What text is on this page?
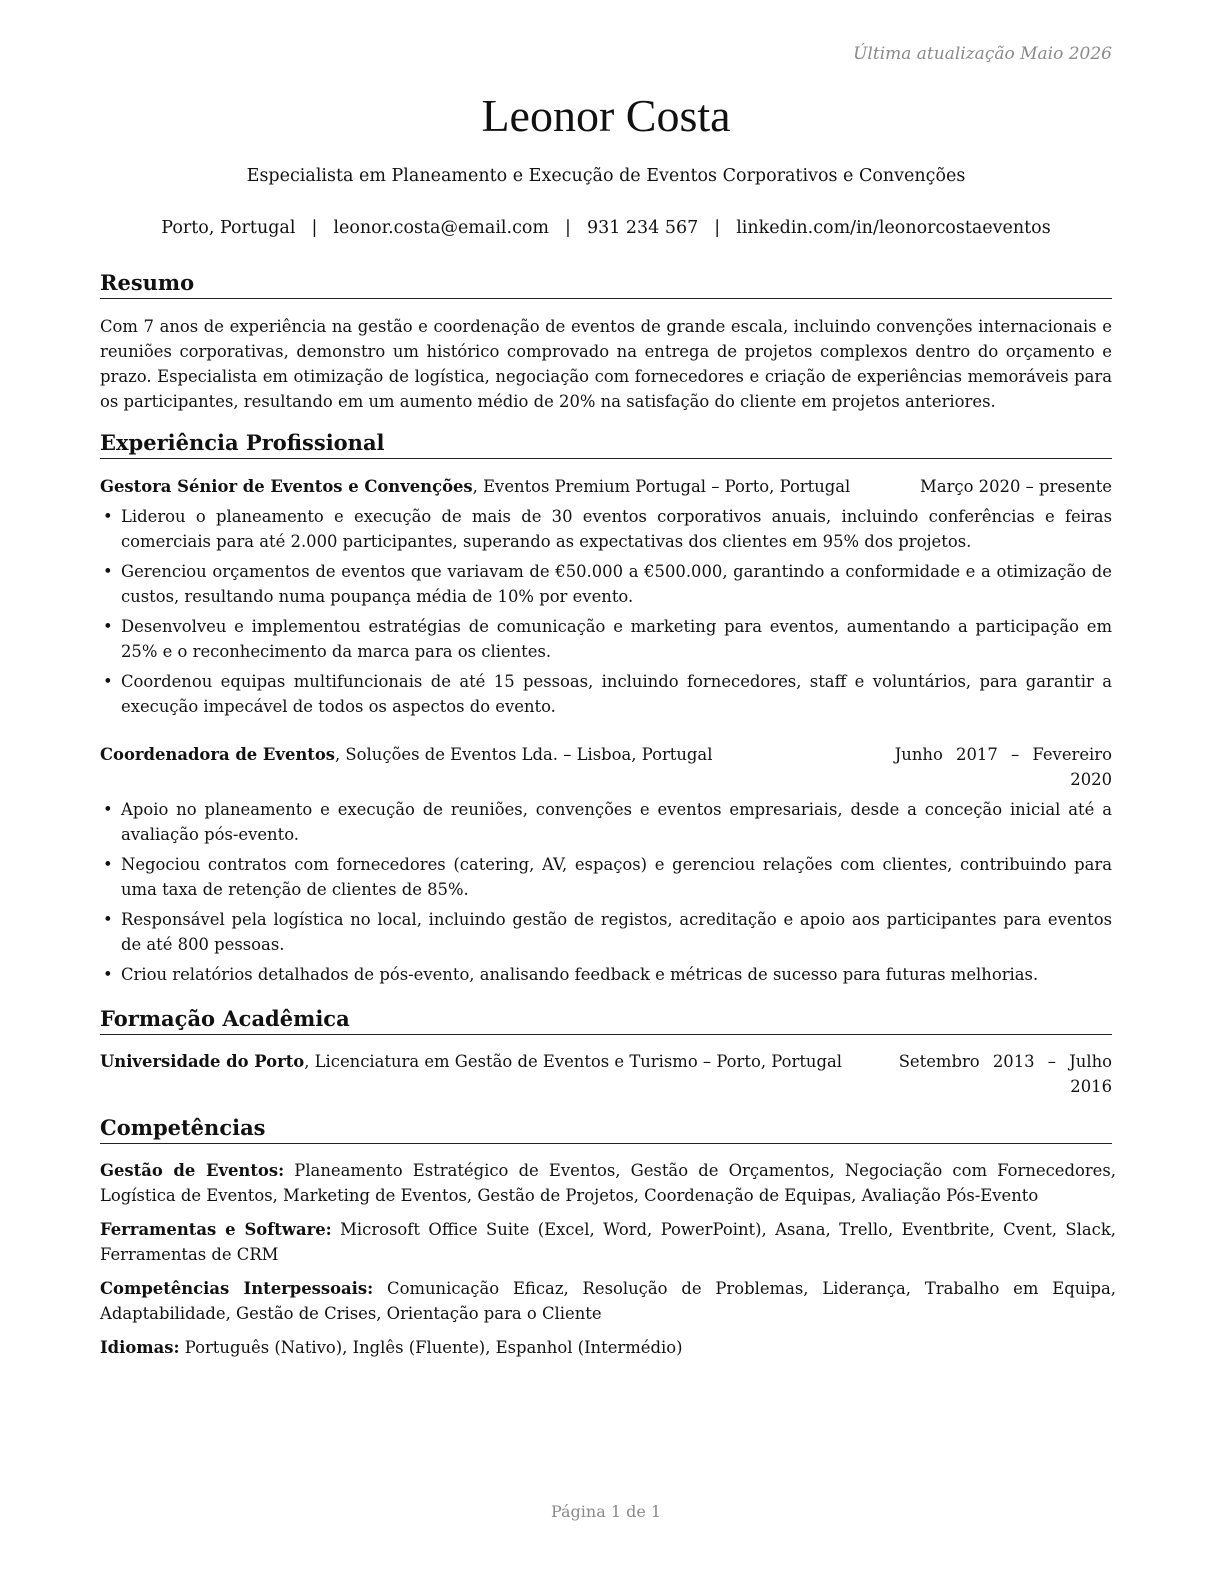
Última atualização Maio 2026
Leonor Costa
Especialista em Planeamento e Execução de Eventos Corporativos e Convenções
Porto, Portugal | leonor.costa@email.com | 931 234 567 | linkedin.com/in/leonorcostaeventos
Resumo
Com 7 anos de experiência na gestão e coordenação de eventos de grande escala, incluindo convenções internacionais e reuniões corporativas, demonstro um histórico comprovado na entrega de projetos complexos dentro do orçamento e prazo. Especialista em otimização de logística, negociação com fornecedores e criação de experiências memoráveis para os participantes, resultando em um aumento médio de 20% na satisfação do cliente em projetos anteriores.
Experiência Profissional
Gestora Sénior de Eventos e Convenções, Eventos Premium Portugal – Porto, Portugal	Março 2020 – presente
• Liderou o planeamento e execução de mais de 30 eventos corporativos anuais, incluindo conferências e feiras comerciais para até 2.000 participantes, superando as expectativas dos clientes em 95% dos projetos.
• Gerenciou orçamentos de eventos que variavam de €50.000 a €500.000, garantindo a conformidade e a otimização de custos, resultando numa poupança média de 10% por evento.
• Desenvolveu e implementou estratégias de comunicação e marketing para eventos, aumentando a participação em 25% e o reconhecimento da marca para os clientes.
• Coordenou equipas multifuncionais de até 15 pessoas, incluindo fornecedores, staff e voluntários, para garantir a execução impecável de todos os aspectos do evento.
Coordenadora de Eventos, Soluções de Eventos Lda. – Lisboa, Portugal	Junho 2017 – Fevereiro
2020
• Apoio no planeamento e execução de reuniões, convenções e eventos empresariais, desde a conceção inicial até a avaliação pós-evento.
• Negociou contratos com fornecedores (catering, AV, espaços) e gerenciou relações com clientes, contribuindo para uma taxa de retenção de clientes de 85%.
• Responsável pela logística no local, incluindo gestão de registos, acreditação e apoio aos participantes para eventos de até 800 pessoas.
• Criou relatórios detalhados de pós-evento, analisando feedback e métricas de sucesso para futuras melhorias.
Formação Acadêmica
Universidade do Porto, Licenciatura em Gestão de Eventos e Turismo – Porto, Portugal	Setembro 2013 – Julho
2016
Competências
Gestão de Eventos: Planeamento Estratégico de Eventos, Gestão de Orçamentos, Negociação com Fornecedores, Logística de Eventos, Marketing de Eventos, Gestão de Projetos, Coordenação de Equipas, Avaliação Pós-Evento
Ferramentas e Software: Microsoft Office Suite (Excel, Word, PowerPoint), Asana, Trello, Eventbrite, Cvent, Slack, Ferramentas de CRM
Competências Interpessoais: Comunicação Eficaz, Resolução de Problemas, Liderança, Trabalho em Equipa, Adaptabilidade, Gestão de Crises, Orientação para o Cliente
Idiomas: Português (Nativo), Inglês (Fluente), Espanhol (Intermédio)
Página 1 de 1
